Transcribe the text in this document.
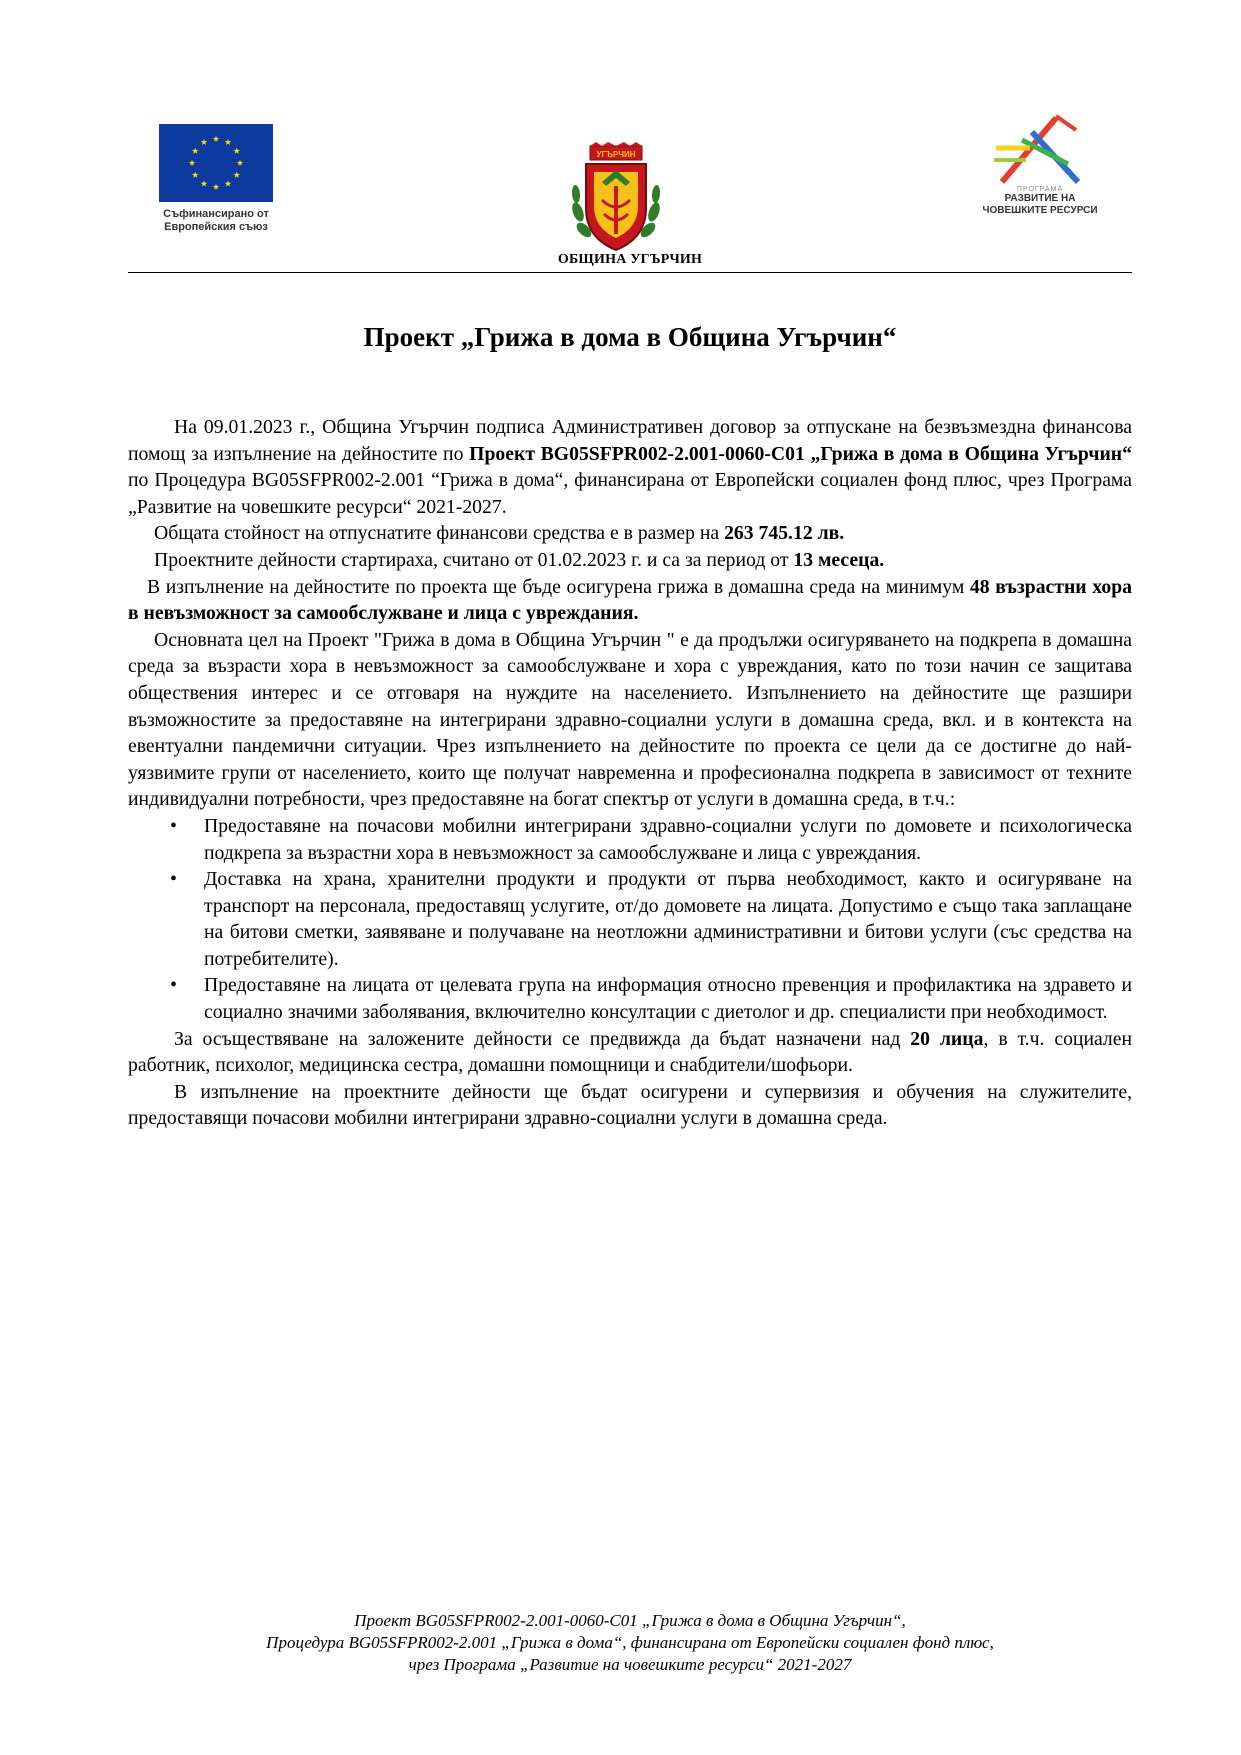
Съфинансирано от
Европейския съюз
УГЪРЧИН
ПРОГРАМА
РАЗВИТИЕ НА
ЧОВЕШКИТЕ РЕСУРСИ
ОБЩИНА УГЪРЧИН
Проект „Грижа в дома в Община Угърчин“

На 09.01.2023 г., Община Угърчин подписа Административен договор за отпускане на безвъзмездна финансова помощ за изпълнение на дейностите по Проект BG05SFPR002-2.001-0060-С01 „Грижа в дома в Община Угърчин“ по Процедура BG05SFPR002-2.001 “Грижа в дома“, финансирана от Европейски социален фонд плюс, чрез Програма „Развитие на човешките ресурси“ 2021-2027.

Общата стойност на отпуснатите финансови средства е в размер на 263 745.12 лв.

Проектните дейности стартираха, считано от 01.02.2023 г. и са за период от 13 месеца.

В изпълнение на дейностите по проекта ще бъде осигурена грижа в домашна среда на минимум 48 възрастни хора в невъзможност за самообслужване и лица с увреждания.

Основната цел на Проект "Грижа в дома в Община Угърчин " е да продължи осигуряването на подкрепа в домашна среда за възрасти хора в невъзможност за самообслужване и хора с увреждания, като по този начин се защитава обществения интерес и се отговаря на нуждите на населението. Изпълнението на дейностите ще разшири възможностите за предоставяне на интегрирани здравно-социални услуги в домашна среда, вкл. и в контекста на евентуални пандемични ситуации. Чрез изпълнението на дейностите по проекта се цели да се достигне до най-уязвимите групи от населението, които ще получат навременна и професионална подкрепа в зависимост от техните индивидуални потребности, чрез предоставяне на богат спектър от услуги в домашна среда, в т.ч.:

• Предоставяне на почасови мобилни интегрирани здравно-социални услуги по домовете и психологическа подкрепа за възрастни хора в невъзможност за самообслужване и лица с увреждания.
• Доставка на храна, хранителни продукти и продукти от първа необходимост, както и осигуряване на транспорт на персонала, предоставящ услугите, от/до домовете на лицата. Допустимо е също така заплащане на битови сметки, заявяване и получаване на неотложни административни и битови услуги (със средства на потребителите).
• Предоставяне на лицата от целевата група на информация относно превенция и профилактика на здравето и социално значими заболявания, включително консултации с диетолог и др. специалисти при необходимост.

За осъществяване на заложените дейности се предвижда да бъдат назначени над 20 лица, в т.ч. социален работник, психолог, медицинска сестра, домашни помощници и снабдители/шофьори.

В изпълнение на проектните дейности ще бъдат осигурени и супервизия и обучения на служителите, предоставящи почасови мобилни интегрирани здравно-социални услуги в домашна среда.

Проект BG05SFPR002-2.001-0060-С01 „Грижа в дома в Община Угърчин“,
Процедура BG05SFPR002-2.001 „Грижа в дома“, финансирана от Европейски социален фонд плюс,
чрез Програма „Развитие на човешките ресурси“ 2021-2027
